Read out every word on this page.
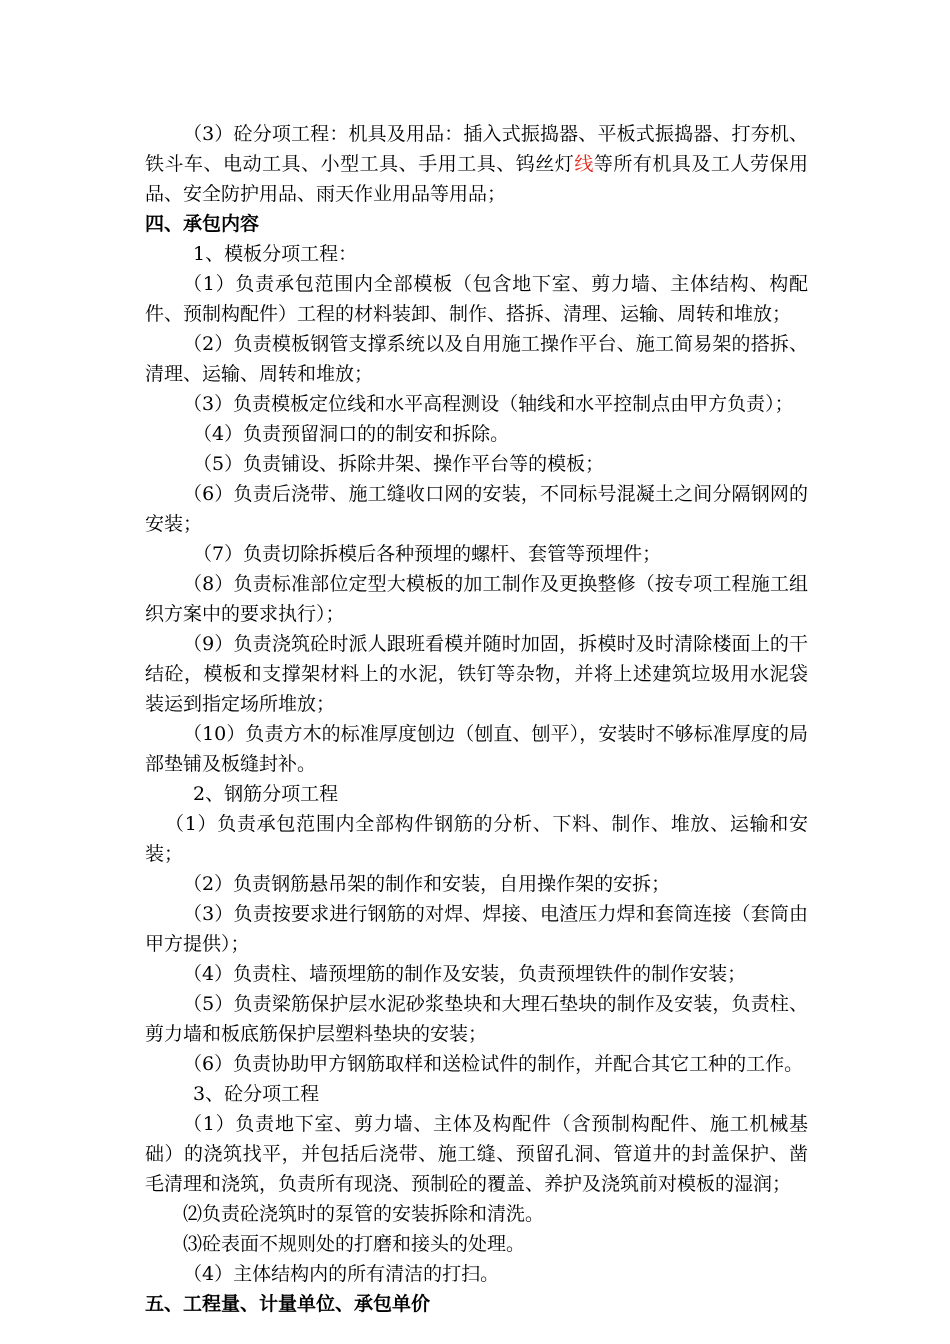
（3）砼分项工程：机具及用品：插入式振捣器、平板式振捣器、打夯机、铁斗车、电动工具、小型工具、手用工具、钨丝灯线等所有机具及工人劳保用品、安全防护用品、雨天作业用品等用品；

四、承包内容

1、模板分项工程：

（1）负责承包范围内全部模板（包含地下室、剪力墙、主体结构、构配件、预制构配件）工程的材料装卸、制作、搭拆、清理、运输、周转和堆放；

（2）负责模板钢管支撑系统以及自用施工操作平台、施工简易架的搭拆、清理、运输、周转和堆放；

（3）负责模板定位线和水平高程测设（轴线和水平控制点由甲方负责）；

（4）负责预留洞口的的制安和拆除。

（5）负责铺设、拆除井架、操作平台等的模板；

（6）负责后浇带、施工缝收口网的安装，不同标号混凝土之间分隔钢网的安装；

（7）负责切除拆模后各种预埋的螺杆、套管等预埋件；

（8）负责标准部位定型大模板的加工制作及更换整修（按专项工程施工组织方案中的要求执行）；

（9）负责浇筑砼时派人跟班看模并随时加固，拆模时及时清除楼面上的干结砼，模板和支撑架材料上的水泥，铁钉等杂物，并将上述建筑垃圾用水泥袋装运到指定场所堆放；

（10）负责方木的标准厚度刨边（刨直、刨平），安装时不够标准厚度的局部垫铺及板缝封补。

2、钢筋分项工程

（1）负责承包范围内全部构件钢筋的分析、下料、制作、堆放、运输和安装；

（2）负责钢筋悬吊架的制作和安装，自用操作架的安拆；

（3）负责按要求进行钢筋的对焊、焊接、电渣压力焊和套筒连接（套筒由甲方提供）；

（4）负责柱、墙预埋筋的制作及安装，负责预埋铁件的制作安装；

（5）负责梁筋保护层水泥砂浆垫块和大理石垫块的制作及安装，负责柱、剪力墙和板底筋保护层塑料垫块的安装；

（6）负责协助甲方钢筋取样和送检试件的制作，并配合其它工种的工作。

3、砼分项工程

（1）负责地下室、剪力墙、主体及构配件（含预制构配件、施工机械基础）的浇筑找平，并包括后浇带、施工缝、预留孔洞、管道井的封盖保护、凿毛清理和浇筑，负责所有现浇、预制砼的覆盖、养护及浇筑前对模板的湿润；

⑵负责砼浇筑时的泵管的安装拆除和清洗。

⑶砼表面不规则处的打磨和接头的处理。

（4）主体结构内的所有清洁的打扫。

五、工程量、计量单位、承包单价
